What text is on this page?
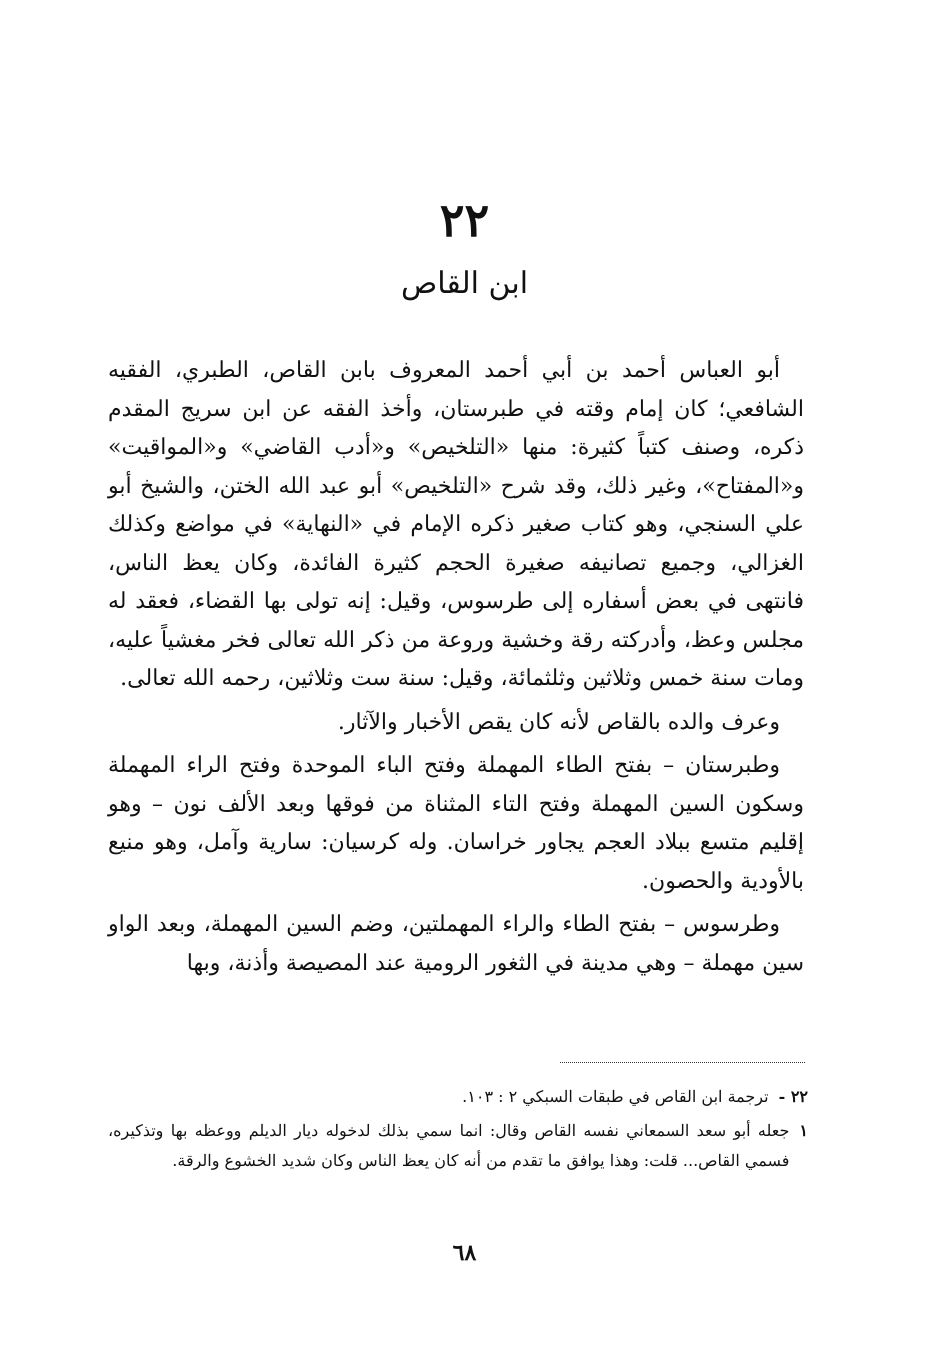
٢٢
ابن القاص

أبو العباس أحمد بن أبي أحمد المعروف بابن القاص، الطبري، الفقيه الشافعي؛ كان إمام وقته في طبرستان، وأخذ الفقه عن ابن سريج المقدم ذكره، وصنف كتباً كثيرة: منها «التلخيص» و«أدب القاضي» و«المواقيت» و«المفتاح»، وغير ذلك، وقد شرح «التلخيص» أبو عبد الله الختن، والشيخ أبو علي السنجي، وهو كتاب صغير ذكره الإمام في «النهاية» في مواضع وكذلك الغزالي، وجميع تصانيفه صغيرة الحجم كثيرة الفائدة، وكان يعظ الناس، فانتهى في بعض أسفاره إلى طرسوس، وقيل: إنه تولى بها القضاء، فعقد له مجلس وعظ، وأدركته رقة وخشية وروعة من ذكر الله تعالى فخر مغشياً عليه، ومات سنة خمس وثلاثين وثلثمائة، وقيل: سنة ست وثلاثين، رحمه الله تعالى.

وعرف والده بالقاص لأنه كان يقص الأخبار والآثار.

وطبرستان – بفتح الطاء المهملة وفتح الباء الموحدة وفتح الراء المهملة وسكون السين المهملة وفتح التاء المثناة من فوقها وبعد الألف نون – وهو إقليم متسع ببلاد العجم يجاور خراسان. وله كرسيان: سارية وآمل، وهو منيع بالأودية والحصون.

وطرسوس – بفتح الطاء والراء المهملتين، وضم السين المهملة، وبعد الواو سين مهملة – وهي مدينة في الثغور الرومية عند المصيصة وأذنة، وبها

٢٢ -
ترجمة ابن القاص في طبقات السبكي ٢ : ١٠٣.
١
جعله أبو سعد السمعاني نفسه القاص وقال: انما سمي بذلك لدخوله ديار الديلم ووعظه بها وتذكيره، فسمي القاص... قلت: وهذا يوافق ما تقدم من أنه كان يعظ الناس وكان شديد الخشوع والرقة.
٦٨
